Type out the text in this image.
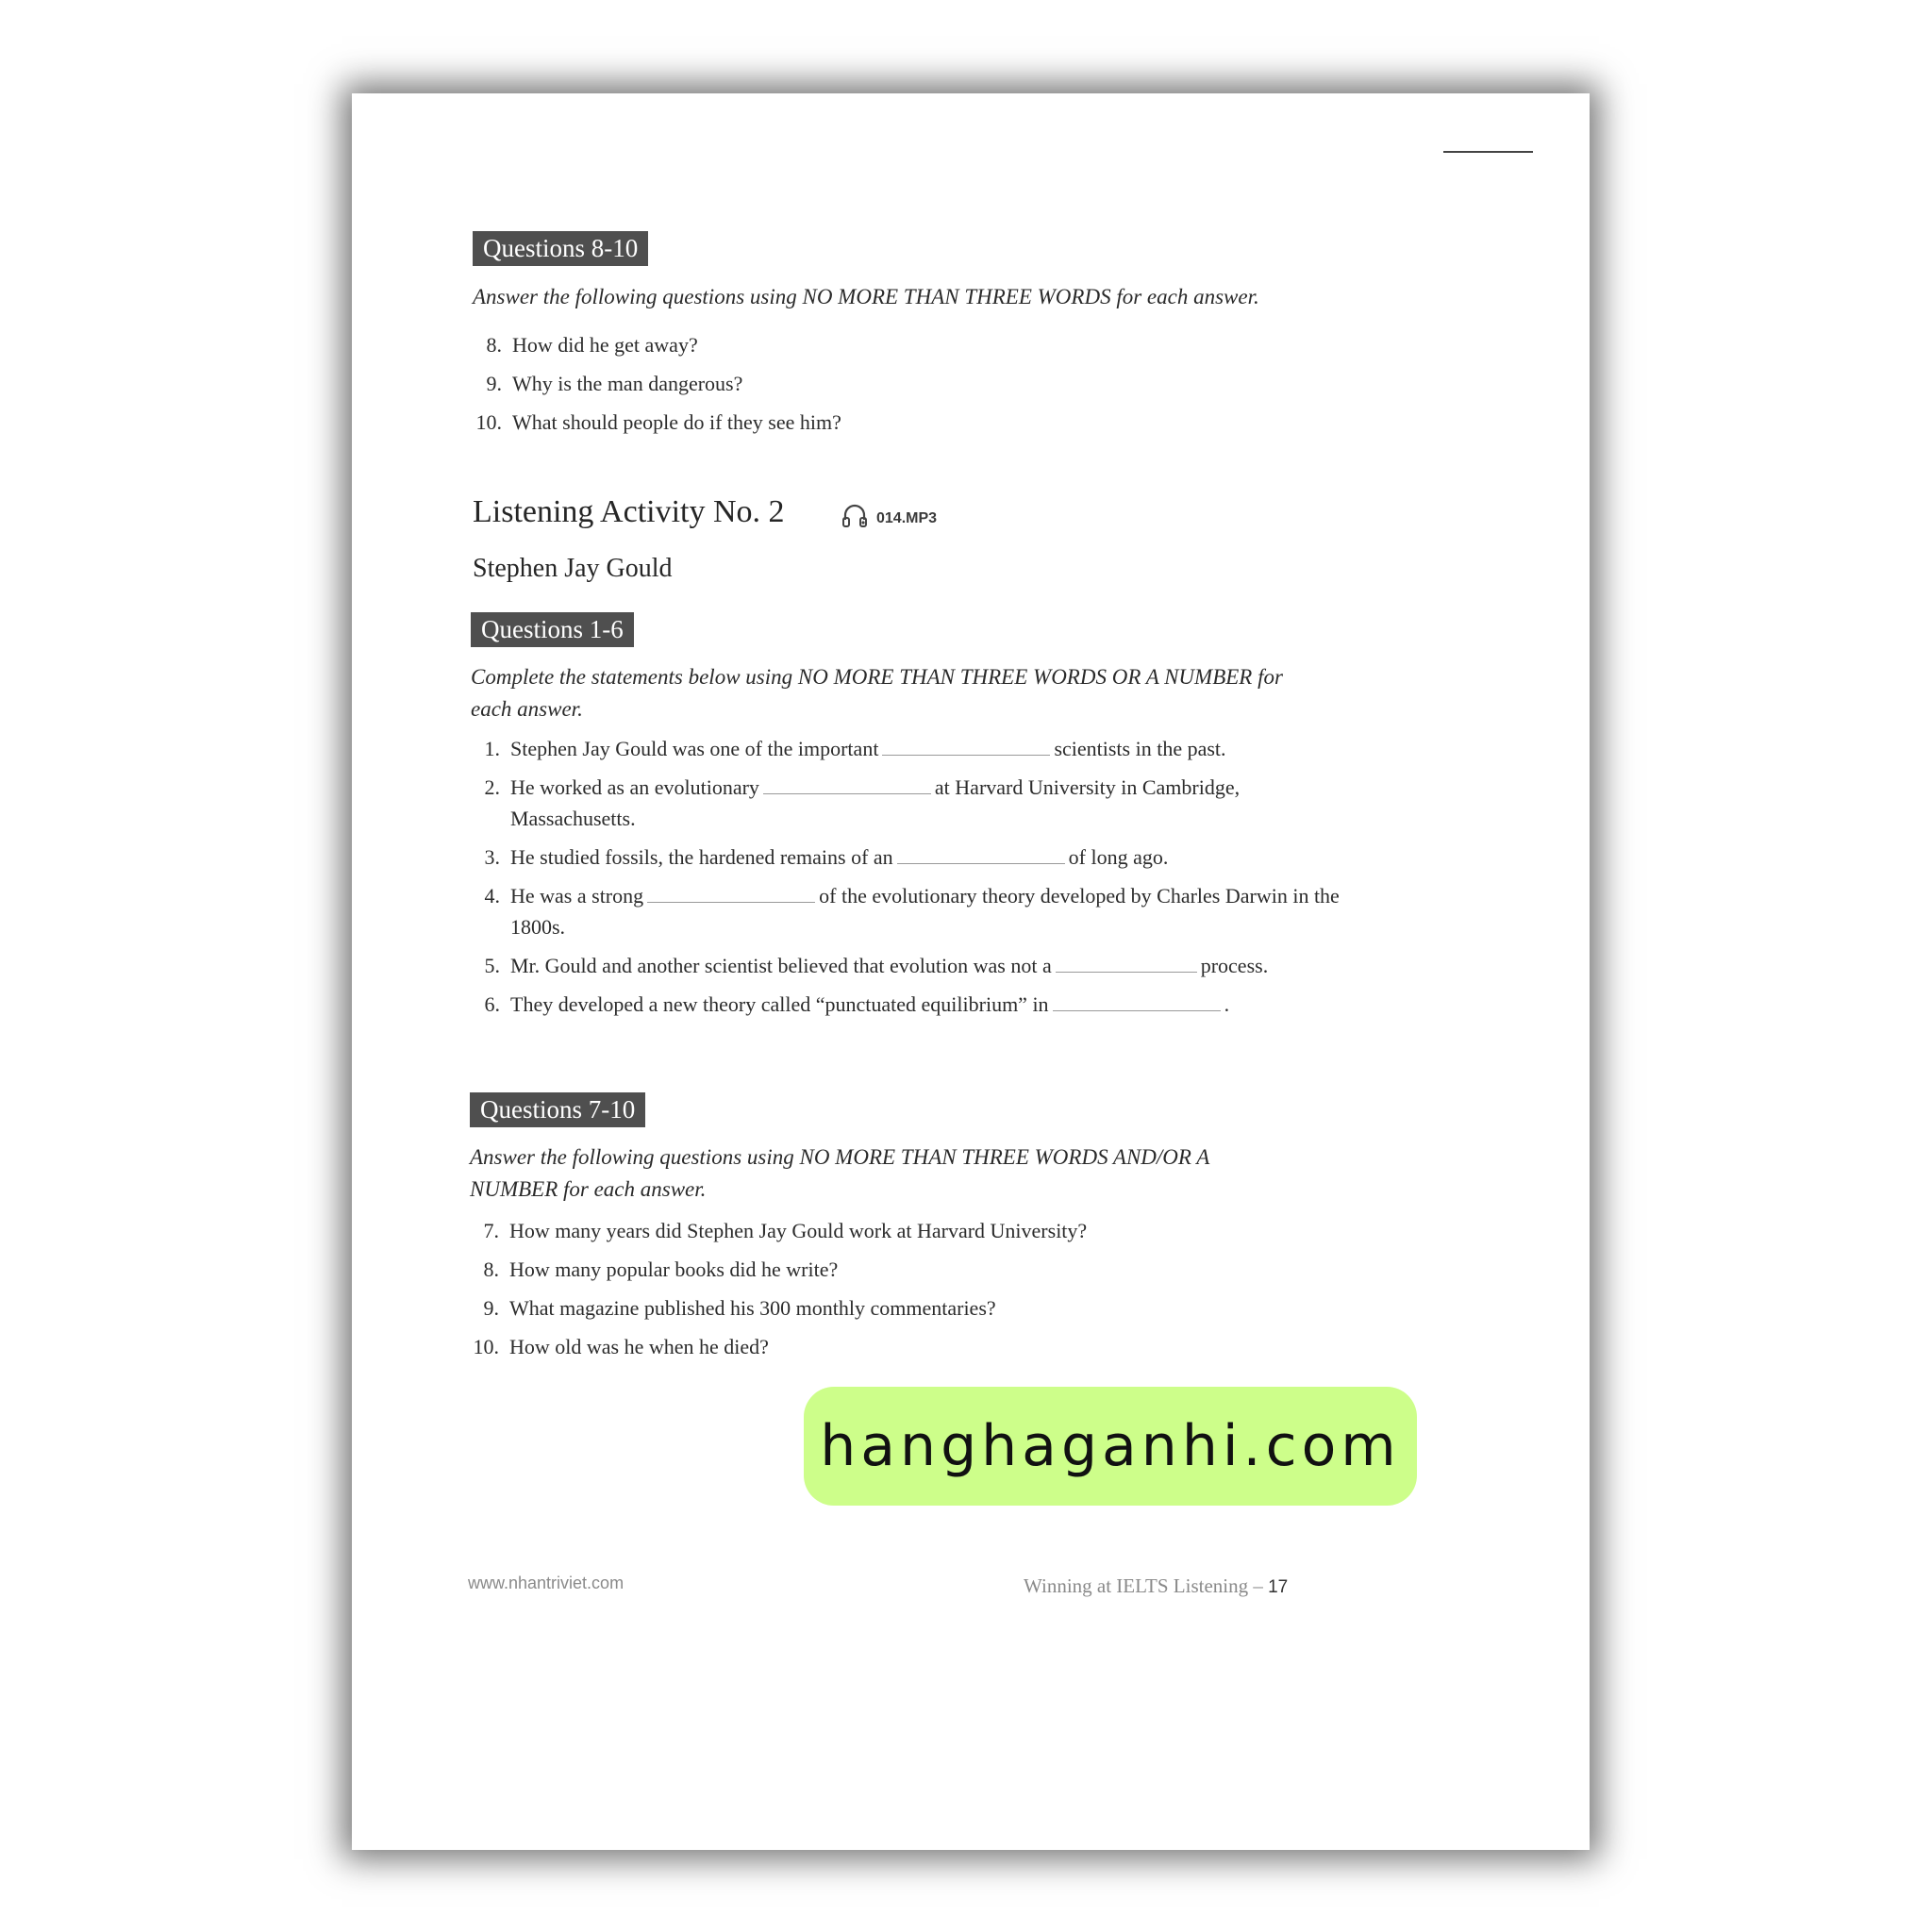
Questions 8-10
Answer the following questions using NO MORE THAN THREE WORDS for each answer.
8. How did he get away?
9. Why is the man dangerous?
10. What should people do if they see him?
Listening Activity No. 2	014.MP3
Stephen Jay Gould
Questions 1-6
Complete the statements below using NO MORE THAN THREE WORDS OR A NUMBER for each answer.
1. Stephen Jay Gould was one of the important	scientists in the past.
2. He worked as an evolutionary	at Harvard University in Cambridge, Massachusetts.
3. He studied fossils, the hardened remains of an	of long ago.
4. He was a strong	of the evolutionary theory developed by Charles Darwin in the 1800s.
5. Mr. Gould and another scientist believed that evolution was not a	process.
6. They developed a new theory called “punctuated equilibrium” in	.
Questions 7-10
Answer the following questions using NO MORE THAN THREE WORDS AND/OR A NUMBER for each answer.
7. How many years did Stephen Jay Gould work at Harvard University?
8. How many popular books did he write?
9. What magazine published his 300 monthly commentaries?
10. How old was he when he died?
www.nhantriviet.com	Winning at IELTS Listening – 17
hanghaganhi.com
